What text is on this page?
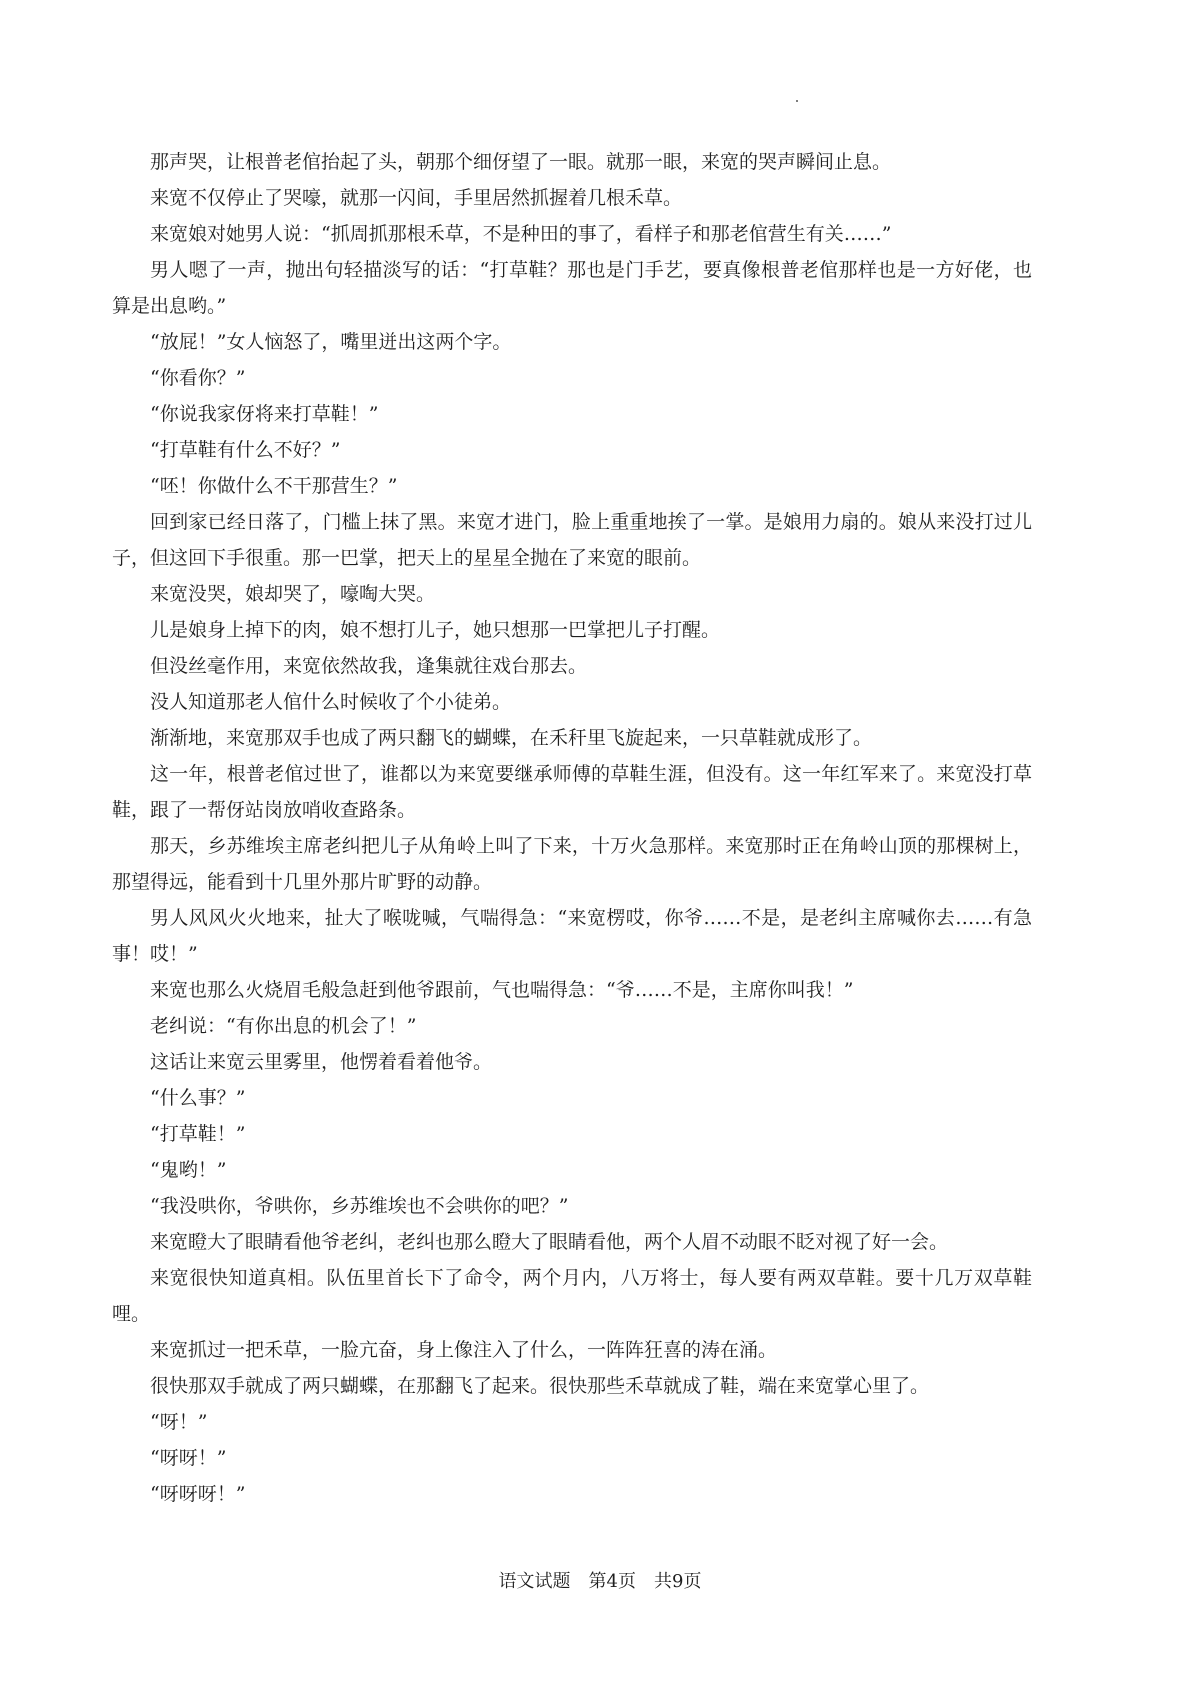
那声哭，让根普老倌抬起了头，朝那个细伢望了一眼。就那一眼，来宽的哭声瞬间止息。

来宽不仅停止了哭嚎，就那一闪间，手里居然抓握着几根禾草。

来宽娘对她男人说：“抓周抓那根禾草，不是种田的事了，看样子和那老倌营生有关……”

男人嗯了一声，抛出句轻描淡写的话：“打草鞋？那也是门手艺，要真像根普老倌那样也是一方好佬，也算是出息哟。”

“放屁！”女人恼怒了，嘴里迸出这两个字。

“你看你？”

“你说我家伢将来打草鞋！”

“打草鞋有什么不好？”

“呸！你做什么不干那营生？”

回到家已经日落了，门槛上抹了黑。来宽才进门，脸上重重地挨了一掌。是娘用力扇的。娘从来没打过儿子，但这回下手很重。那一巴掌，把天上的星星全抛在了来宽的眼前。

来宽没哭，娘却哭了，嚎啕大哭。

儿是娘身上掉下的肉，娘不想打儿子，她只想那一巴掌把儿子打醒。

但没丝毫作用，来宽依然故我，逢集就往戏台那去。

没人知道那老人倌什么时候收了个小徒弟。

渐渐地，来宽那双手也成了两只翻飞的蝴蝶，在禾秆里飞旋起来，一只草鞋就成形了。

这一年，根普老倌过世了，谁都以为来宽要继承师傅的草鞋生涯，但没有。这一年红军来了。来宽没打草鞋，跟了一帮伢站岗放哨收查路条。

那天，乡苏维埃主席老纠把儿子从角岭上叫了下来，十万火急那样。来宽那时正在角岭山顶的那棵树上，那望得远，能看到十几里外那片旷野的动静。

男人风风火火地来，扯大了喉咙喊，气喘得急：“来宽楞哎，你爷……不是，是老纠主席喊你去……有急事！哎！”

来宽也那么火烧眉毛般急赶到他爷跟前，气也喘得急：“爷……不是，主席你叫我！”

老纠说：“有你出息的机会了！”

这话让来宽云里雾里，他愣着看着他爷。

“什么事？”

“打草鞋！”

“鬼哟！”

“我没哄你，爷哄你，乡苏维埃也不会哄你的吧？”

来宽瞪大了眼睛看他爷老纠，老纠也那么瞪大了眼睛看他，两个人眉不动眼不眨对视了好一会。

来宽很快知道真相。队伍里首长下了命令，两个月内，八万将士，每人要有两双草鞋。要十几万双草鞋哩。

来宽抓过一把禾草，一脸亢奋，身上像注入了什么，一阵阵狂喜的涛在涌。

很快那双手就成了两只蝴蝶，在那翻飞了起来。很快那些禾草就成了鞋，端在来宽掌心里了。

“呀！”

“呀呀！”

“呀呀呀！”

语文试题　第4页　共9页
